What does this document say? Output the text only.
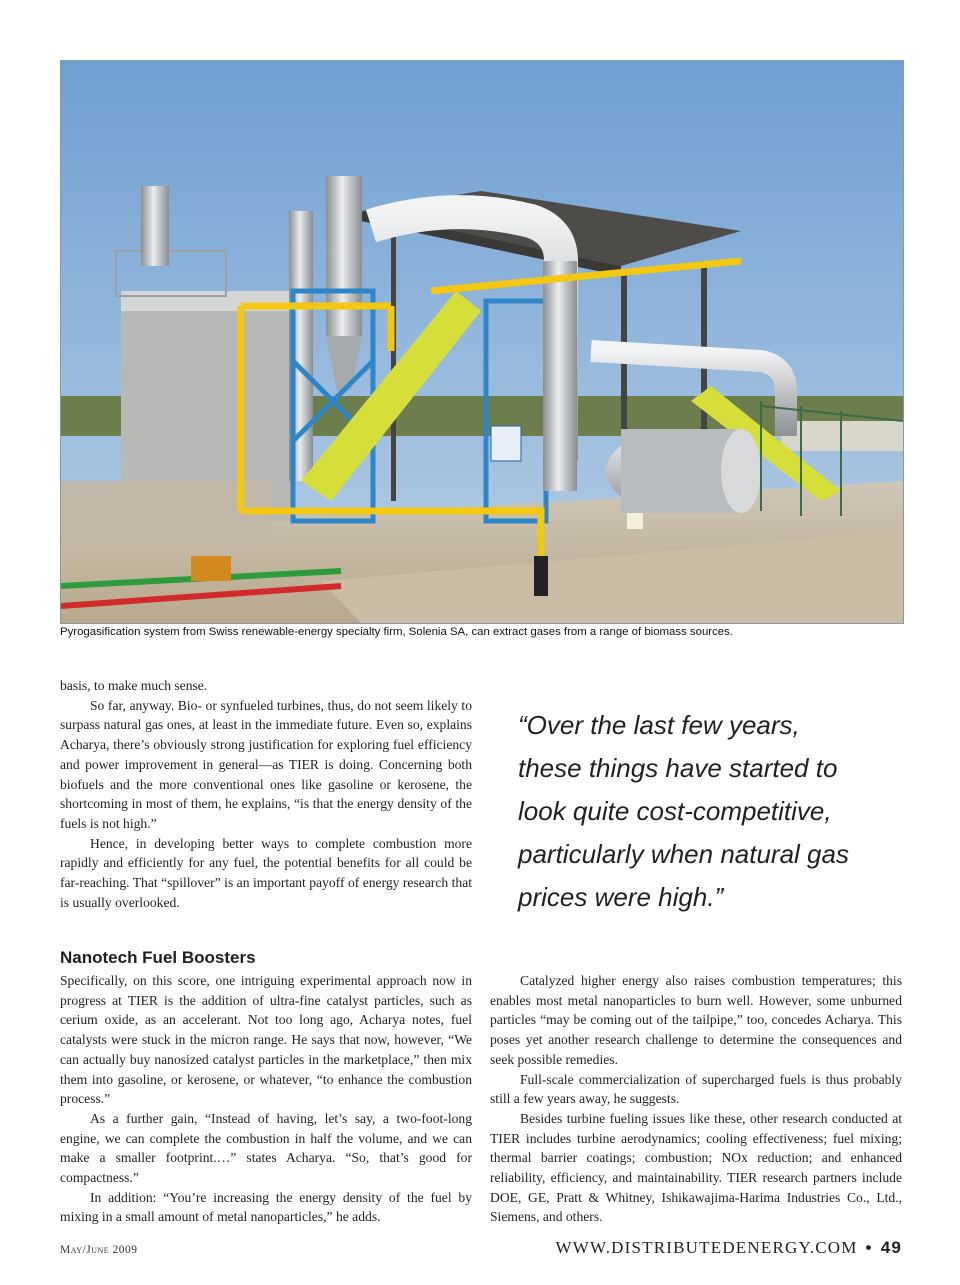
Pyrogasification system from Swiss renewable-energy specialty firm, Solenia SA, can extract gases from a range of biomass sources.

basis, to make much sense.

So far, anyway. Bio- or synfueled turbines, thus, do not seem likely to surpass natural gas ones, at least in the immediate future. Even so, explains Acharya, there’s obviously strong justification for exploring fuel efficiency and power improvement in general—as TIER is doing. Concerning both biofuels and the more conventional ones like gasoline or kerosene, the shortcoming in most of them, he explains, “is that the energy density of the fuels is not high.”

Hence, in developing better ways to complete combustion more rapidly and efficiently for any fuel, the potential benefits for all could be far-reaching. That “spillover” is an important payoff of energy research that is usually overlooked.

“Over the last few years,
these things have started to
look quite cost-competitive,
particularly when natural gas
prices were high.”
Nanotech Fuel Boosters

Specifically, on this score, one intriguing experimental approach now in progress at TIER is the addition of ultra-fine catalyst particles, such as cerium oxide, as an accelerant. Not too long ago, Acharya notes, fuel catalysts were stuck in the micron range. He says that now, however, “We can actually buy nanosized catalyst particles in the marketplace,” then mix them into gasoline, or kerosene, or whatever, “to enhance the combustion process.”

As a further gain, “Instead of having, let’s say, a two-foot-long engine, we can complete the combustion in half the volume, and we can make a smaller footprint.…” states Acharya. “So, that’s good for compactness.”

In addition: “You’re increasing the energy density of the fuel by mixing in a small amount of metal nanoparticles,” he adds.

Catalyzed higher energy also raises combustion temperatures; this enables most metal nanoparticles to burn well. However, some unburned particles “may be coming out of the tailpipe,” too, concedes Acharya. This poses yet another research challenge to determine the consequences and seek possible remedies.

Full-scale commercialization of supercharged fuels is thus probably still a few years away, he suggests.

Besides turbine fueling issues like these, other research conducted at TIER includes turbine aerodynamics; cooling effectiveness; fuel mixing; thermal barrier coatings; combustion; NOx reduction; and enhanced reliability, efficiency, and maintainability. TIER research partners include DOE, GE, Pratt & Whitney, Ishikawajima-Harima Industries Co., Ltd., Siemens, and others.

May/June 2009	WWW.DISTRIBUTEDENERGY.COM • 49
